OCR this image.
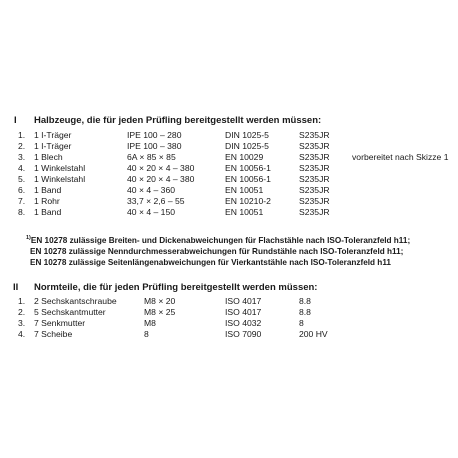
I Halbzeuge, die für jeden Prüfling bereitgestellt werden müssen:
1. 1 I-Träger	IPE 100 – 280	DIN 1025-5	S235JR
2. 1 I-Träger	IPE 100 – 380	DIN 1025-5	S235JR
3. 1 Blech	6A × 85 × 85	EN 10029	S235JR	vorbereitet nach Skizze 1
4. 1 Winkelstahl	40 × 20 × 4 – 380	EN 10056-1	S235JR
5. 1 Winkelstahl	40 × 20 × 4 – 380	EN 10056-1	S235JR
6. 1 Band	40 × 4 – 360	EN 10051	S235JR
7. 1 Rohr	33,7 × 2,6 – 55	EN 10210-2	S235JR
8. 1 Band	40 × 4 – 150	EN 10051	S235JR
$^{1)}$EN 10278 zulässige Breiten- und Dickenabweichungen für Flachstähle nach ISO-Toleranzfeld h11;
EN 10278 zulässige Nenndurchmesserabweichungen für Rundstähle nach ISO-Toleranzfeld h11;
EN 10278 zulässige Seitenlängenabweichungen für Vierkantstähle nach ISO-Toleranzfeld h11
II Normteile, die für jeden Prüfling bereitgestellt werden müssen:
1. 2 Sechskantschraube	M8 × 20	ISO 4017	8.8
2. 5 Sechskantmutter	M8 × 25	ISO 4017	8.8
3. 7 Senkmutter	M8	ISO 4032	8
4. 7 Scheibe	8	ISO 7090	200 HV
